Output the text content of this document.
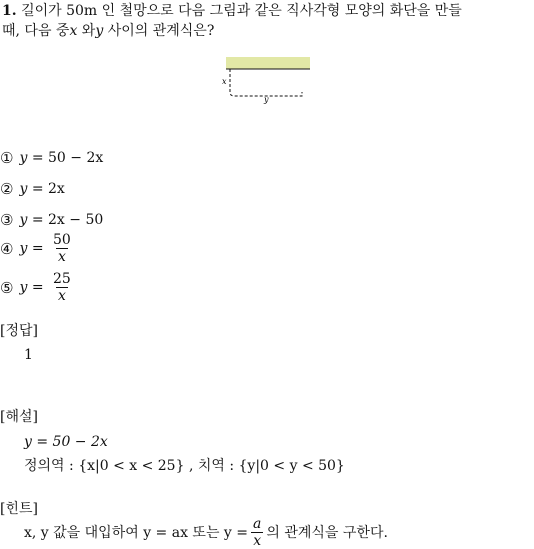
1. 길이가 50m 인 철망으로 다음 그림과 같은 직사각형 모양의 화단을 만들
때, 다음 중x 와y 사이의 관계식은?
x
y
① y = 50 − 2x
② y = 2x
③ y = 2x − 50
④ $y = \frac{50}{x}$
⑤ $y = \frac{25}{x}$
[정답]
1
[해설]
y = 50 − 2x
정의역 : {x|0 < x < 25} , 치역 : {y|0 < y < 50}
[힌트]
x, y 값을 대입하여 y = ax 또는 $y = \frac{a}{x}$ 의 관계식을 구한다.
